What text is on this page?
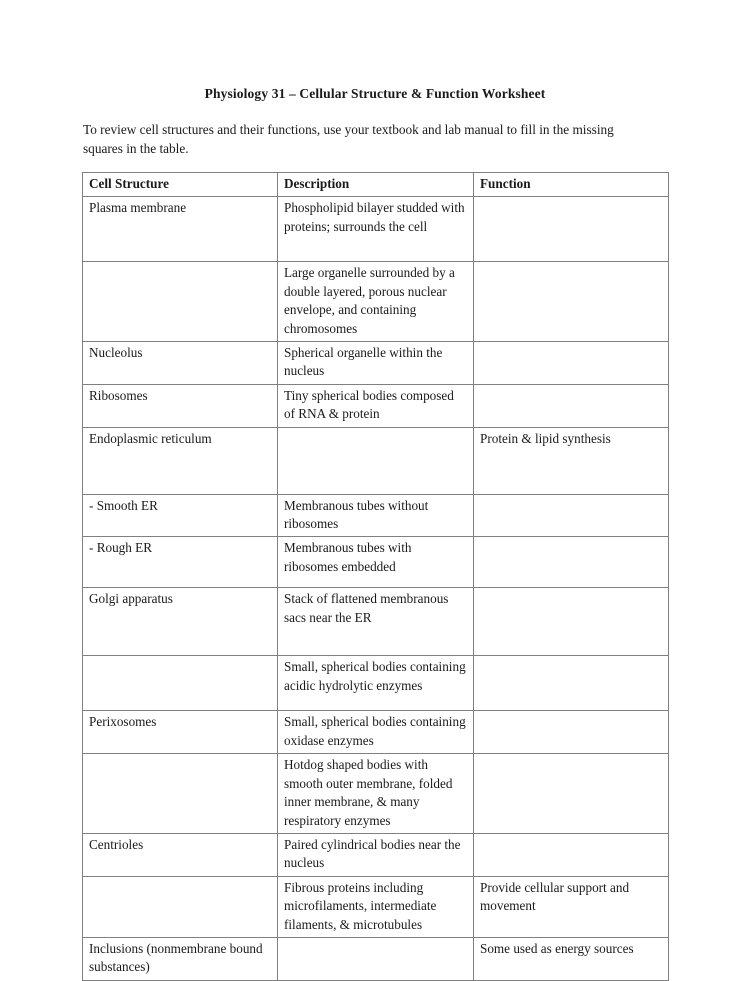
Physiology 31 – Cellular Structure & Function Worksheet
To review cell structures and their functions, use your textbook and lab manual to fill in the missing squares in the table.
Cell Structure	Description	Function

Plasma membrane	Phospholipid bilayer studded with proteins; surrounds the cell	

	Large organelle surrounded by a double layered, porous nuclear envelope, and containing chromosomes	

Nucleolus	Spherical organelle within the nucleus	

Ribosomes	Tiny spherical bodies composed of RNA & protein	

Endoplasmic reticulum		Protein & lipid synthesis

- Smooth ER	Membranous tubes without ribosomes	

- Rough ER	Membranous tubes with ribosomes embedded	

Golgi apparatus	Stack of flattened membranous sacs near the ER	

	Small, spherical bodies containing acidic hydrolytic enzymes	

Perixosomes	Small, spherical bodies containing oxidase enzymes	

	Hotdog shaped bodies with smooth outer membrane, folded inner membrane, & many respiratory enzymes	

Centrioles	Paired cylindrical bodies near the nucleus	

	Fibrous proteins including microfilaments, intermediate filaments, & microtubules	Provide cellular support and movement

Inclusions (nonmembrane bound substances)		Some used as energy sources
